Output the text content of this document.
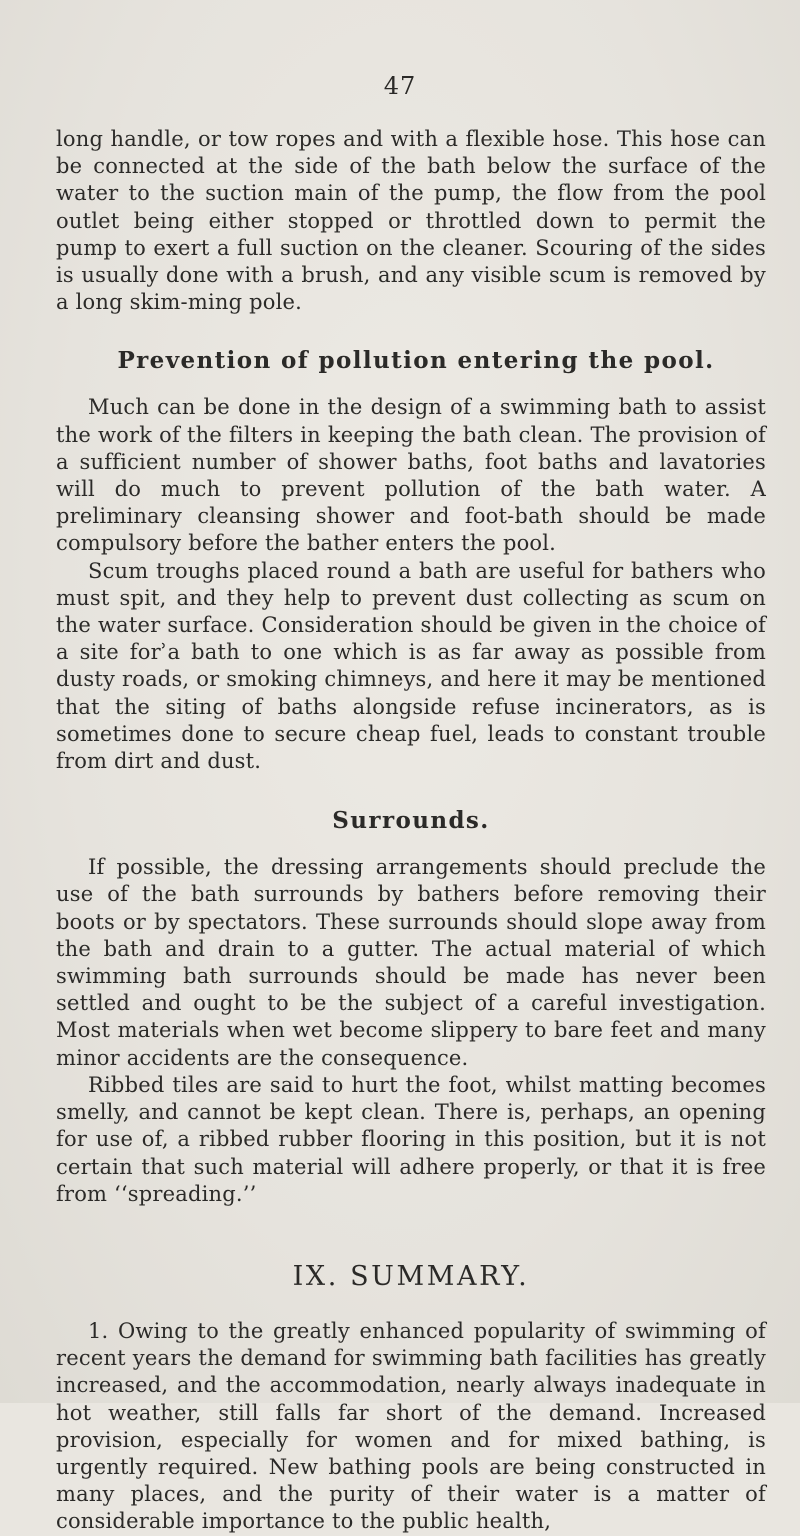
47

long handle, or tow ropes and with a flexible hose. This hose can be connected at the side of the bath below the surface of the water to the suction main of the pump, the flow from the pool outlet being either stopped or throttled down to permit the pump to exert a full suction on the cleaner. Scouring of the sides is usually done with a brush, and any visible scum is removed by a long skim-ming pole.

Prevention of pollution entering the pool.

Much can be done in the design of a swimming bath to assist the work of the filters in keeping the bath clean. The provision of a sufficient number of shower baths, foot baths and lavatories will do much to prevent pollution of the bath water. A preliminary cleansing shower and foot-bath should be made compulsory before the bather enters the pool.

Scum troughs placed round a bath are useful for bathers who must spit, and they help to prevent dust collecting as scum on the water surface. Consideration should be given in the choice of a site forʾa bath to one which is as far away as possible from dusty roads, or smoking chimneys, and here it may be mentioned that the siting of baths alongside refuse incinerators, as is sometimes done to secure cheap fuel, leads to constant trouble from dirt and dust.

Surrounds.

If possible, the dressing arrangements should preclude the use of the bath surrounds by bathers before removing their boots or by spectators. These surrounds should slope away from the bath and drain to a gutter. The actual material of which swimming bath surrounds should be made has never been settled and ought to be the subject of a careful investigation. Most materials when wet become slippery to bare feet and many minor accidents are the consequence.

Ribbed tiles are said to hurt the foot, whilst matting becomes smelly, and cannot be kept clean. There is, perhaps, an opening for use of, a ribbed rubber flooring in this position, but it is not certain that such material will adhere properly, or that it is free from ‘‘spreading.’’

IX. SUMMARY.

1. Owing to the greatly enhanced popularity of swimming of recent years the demand for swimming bath facilities has greatly increased, and the accommodation, nearly always inadequate in hot weather, still falls far short of the demand. Increased provision, especially for women and for mixed bathing, is urgently required. New bathing pools are being constructed in many places, and the purity of their water is a matter of considerable importance to the public health,
